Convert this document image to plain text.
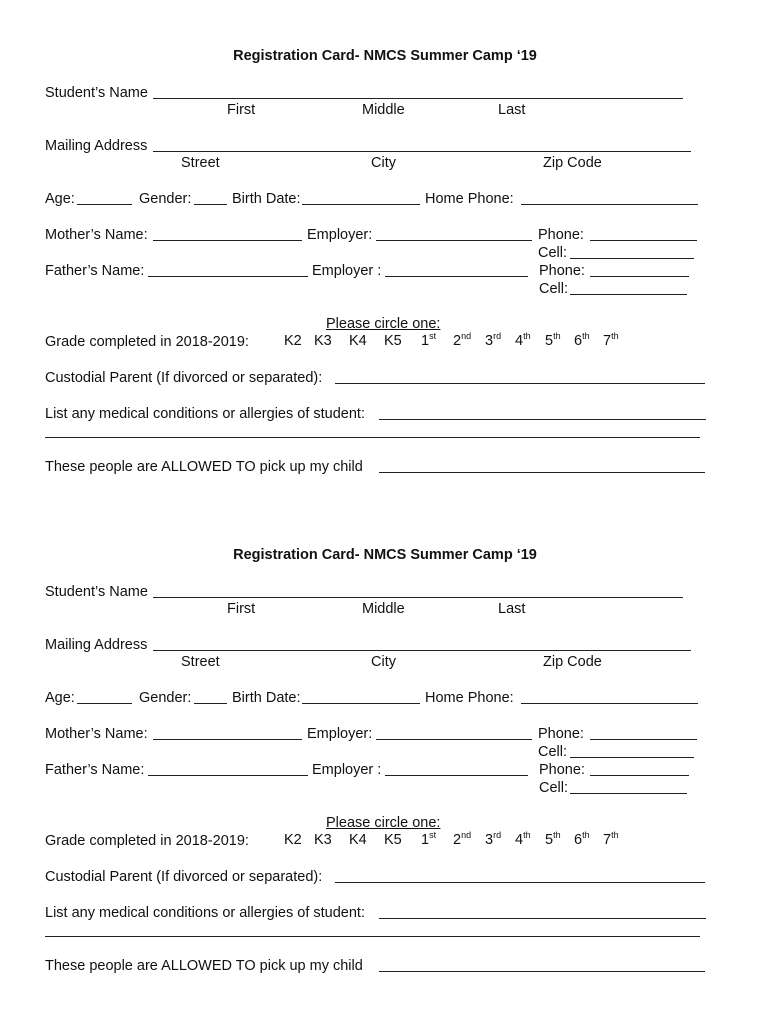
Registration Card- NMCS Summer Camp ‘19
Student’s Name
First	Middle	Last
Mailing Address
Street	City	Zip Code
Age:	Gender:	Birth Date:	Home Phone:
Mother’s Name:	Employer:	Phone:
Cell:
Father’s Name:	Employer :	Phone:
Cell:
Please circle one:
Grade completed in 2018-2019: K2 K3 K4 K5 1st 2nd 3rd 4th 5th 6th 7th
Custodial Parent (If divorced or separated):
List any medical conditions or allergies of student:
These people are ALLOWED TO pick up my child
Registration Card- NMCS Summer Camp ‘19
Student’s Name
First	Middle	Last
Mailing Address
Street	City	Zip Code
Age:	Gender:	Birth Date:	Home Phone:
Mother’s Name:	Employer:	Phone:
Cell:
Father’s Name:	Employer :	Phone:
Cell:
Please circle one:
Grade completed in 2018-2019: K2 K3 K4 K5 1st 2nd 3rd 4th 5th 6th 7th
Custodial Parent (If divorced or separated):
List any medical conditions or allergies of student:
These people are ALLOWED TO pick up my child
